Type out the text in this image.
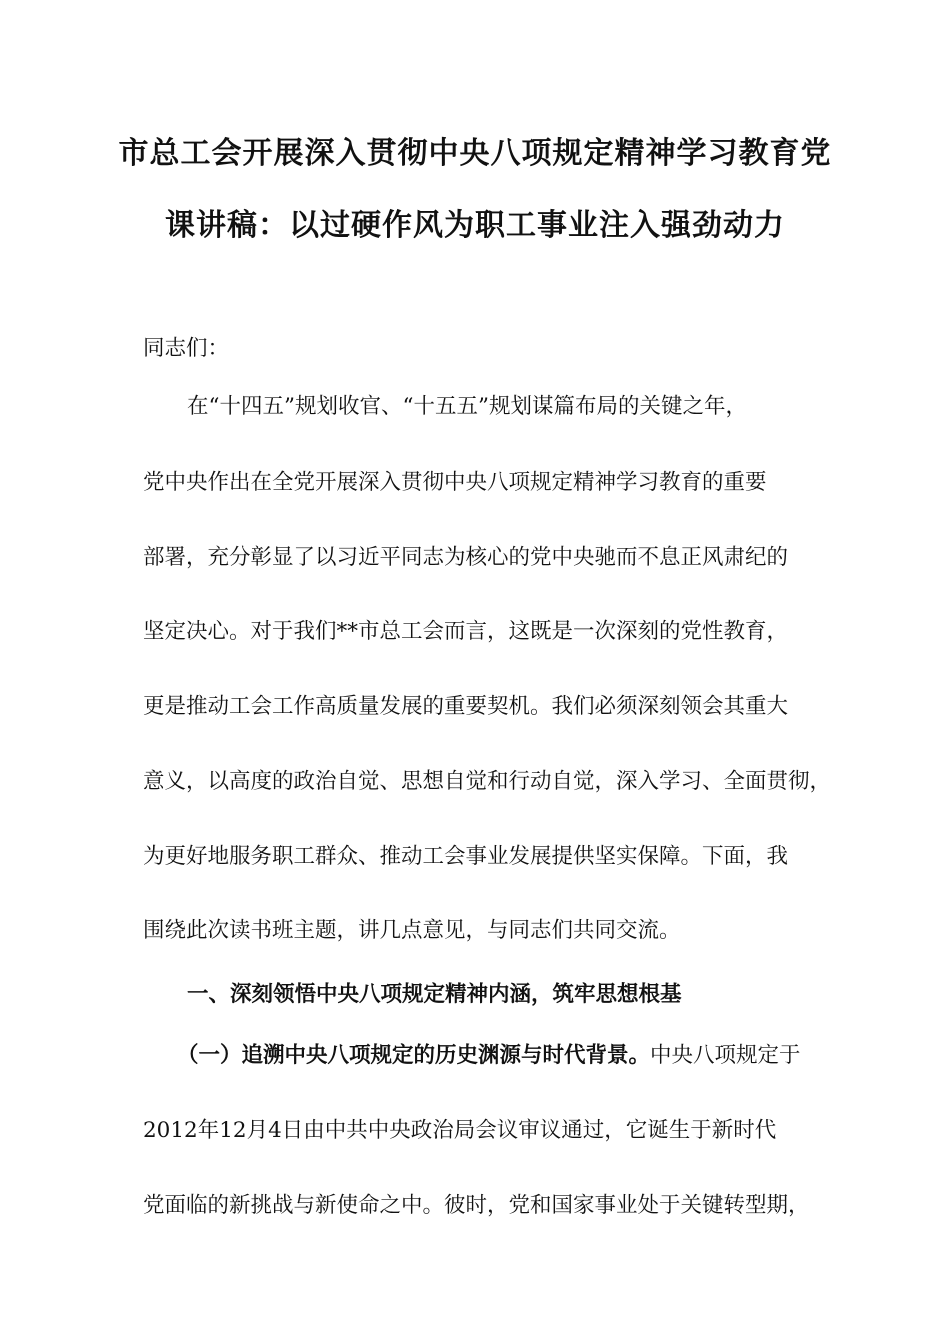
市总工会开展深入贯彻中央八项规定精神学习教育党
课讲稿：以过硬作风为职工事业注入强劲动力
同志们：
在“十四五”规划收官、“十五五”规划谋篇布局的关键之年，
党中央作出在全党开展深入贯彻中央八项规定精神学习教育的重要
部署，充分彰显了以习近平同志为核心的党中央驰而不息正风肃纪的
坚定决心。对于我们**市总工会而言，这既是一次深刻的党性教育，
更是推动工会工作高质量发展的重要契机。我们必须深刻领会其重大
意义，以高度的政治自觉、思想自觉和行动自觉，深入学习、全面贯彻，
为更好地服务职工群众、推动工会事业发展提供坚实保障。下面，我
围绕此次读书班主题，讲几点意见，与同志们共同交流。
一、深刻领悟中央八项规定精神内涵，筑牢思想根基
（一）追溯中央八项规定的历史渊源与时代背景。中央八项规定于
2012年12月4日由中共中央政治局会议审议通过，它诞生于新时代
党面临的新挑战与新使命之中。彼时，党和国家事业处于关键转型期，
